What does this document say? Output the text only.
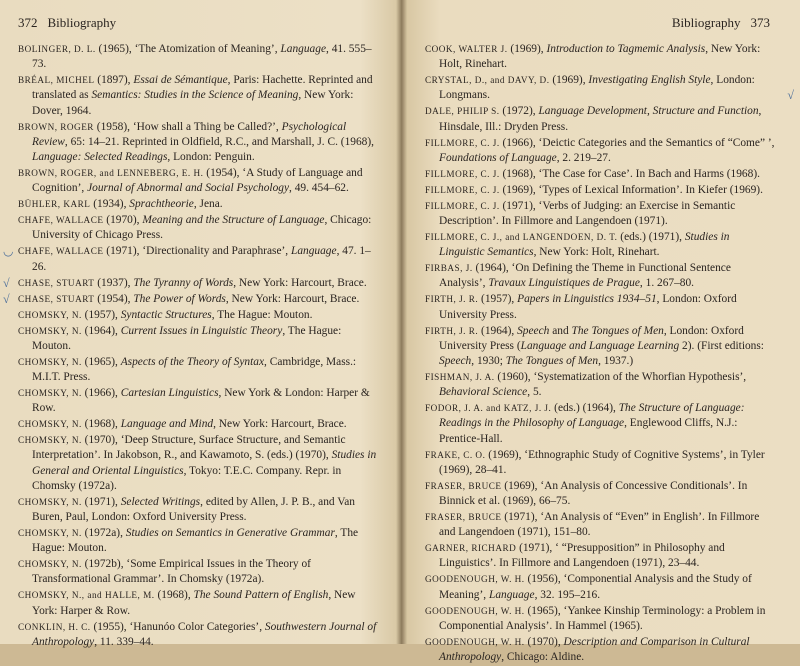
372 Bibliography
BOLINGER, D. L. (1965), ‘The Atomization of Meaning’, Language, 41. 555–73.
BRÉAL, MICHEL (1897), Essai de Sémantique, Paris: Hachette. Reprinted and translated as Semantics: Studies in the Science of Meaning, New York: Dover, 1964.
BROWN, ROGER (1958), ‘How shall a Thing be Called?’, Psychological Review, 65: 14–21. Reprinted in Oldfield, R.C., and Marshall, J. C. (1968), Language: Selected Readings, London: Penguin.
BROWN, ROGER, and LENNEBERG, E. H. (1954), ‘A Study of Language and Cognition’, Journal of Abnormal and Social Psychology, 49. 454–62.
BÜHLER, KARL (1934), Sprachtheorie, Jena.
CHAFE, WALLACE (1970), Meaning and the Structure of Language, Chicago: University of Chicago Press.
◡ CHAFE, WALLACE (1971), ‘Directionality and Paraphrase’, Language, 47. 1–26.
√ CHASE, STUART (1937), The Tyranny of Words, New York: Harcourt, Brace.
√ CHASE, STUART (1954), The Power of Words, New York: Harcourt, Brace.
CHOMSKY, N. (1957), Syntactic Structures, The Hague: Mouton.
CHOMSKY, N. (1964), Current Issues in Linguistic Theory, The Hague: Mouton.
CHOMSKY, N. (1965), Aspects of the Theory of Syntax, Cambridge, Mass.: M.I.T. Press.
CHOMSKY, N. (1966), Cartesian Linguistics, New York & London: Harper & Row.
CHOMSKY, N. (1968), Language and Mind, New York: Harcourt, Brace.
CHOMSKY, N. (1970), ‘Deep Structure, Surface Structure, and Semantic Interpretation’. In Jakobson, R., and Kawamoto, S. (eds.) (1970), Studies in General and Oriental Linguistics, Tokyo: T.E.C. Company. Repr. in Chomsky (1972a).
CHOMSKY, N. (1971), Selected Writings, edited by Allen, J. P. B., and Van Buren, Paul, London: Oxford University Press.
CHOMSKY, N. (1972a), Studies on Semantics in Generative Grammar, The Hague: Mouton.
CHOMSKY, N. (1972b), ‘Some Empirical Issues in the Theory of Transformational Grammar’. In Chomsky (1972a).
CHOMSKY, N., and HALLE, M. (1968), The Sound Pattern of English, New York: Harper & Row.
CONKLIN, H. C. (1955), ‘Hanunóo Color Categories’, Southwestern Journal of Anthropology, 11. 339–44.
Bibliography 373
COOK, WALTER J. (1969), Introduction to Tagmemic Analysis, New York: Holt, Rinehart.
CRYSTAL, D., and DAVY, D. (1969), Investigating English Style, London: Longmans.	√
DALE, PHILIP S. (1972), Language Development, Structure and Function, Hinsdale, Ill.: Dryden Press.
FILLMORE, C. J. (1966), ‘Deictic Categories and the Semantics of “Come” ’, Foundations of Language, 2. 219–27.
FILLMORE, C. J. (1968), ‘The Case for Case’. In Bach and Harms (1968).
FILLMORE, C. J. (1969), ‘Types of Lexical Information’. In Kiefer (1969).
FILLMORE, C. J. (1971), ‘Verbs of Judging: an Exercise in Semantic Description’. In Fillmore and Langendoen (1971).
FILLMORE, C. J., and LANGENDOEN, D. T. (eds.) (1971), Studies in Linguistic Semantics, New York: Holt, Rinehart.
FIRBAS, J. (1964), ‘On Defining the Theme in Functional Sentence Analysis’, Travaux Linguistiques de Prague, 1. 267–80.
FIRTH, J. R. (1957), Papers in Linguistics 1934–51, London: Oxford University Press.
FIRTH, J. R. (1964), Speech and The Tongues of Men, London: Oxford University Press (Language and Language Learning 2). (First editions: Speech, 1930; The Tongues of Men, 1937.)
FISHMAN, J. A. (1960), ‘Systematization of the Whorfian Hypothesis’, Behavioral Science, 5.
FODOR, J. A. and KATZ, J. J. (eds.) (1964), The Structure of Language: Readings in the Philosophy of Language, Englewood Cliffs, N.J.: Prentice-Hall.
FRAKE, C. O. (1969), ‘Ethnographic Study of Cognitive Systems’, in Tyler (1969), 28–41.
FRASER, BRUCE (1969), ‘An Analysis of Concessive Conditionals’. In Binnick et al. (1969), 66–75.
FRASER, BRUCE (1971), ‘An Analysis of “Even” in English’. In Fillmore and Langendoen (1971), 151–80.
GARNER, RICHARD (1971), ‘ “Presupposition” in Philosophy and Linguistics’. In Fillmore and Langendoen (1971), 23–44.
GOODENOUGH, W. H. (1956), ‘Componential Analysis and the Study of Meaning’, Language, 32. 195–216.
GOODENOUGH, W. H. (1965), ‘Yankee Kinship Terminology: a Problem in Componential Analysis’. In Hammel (1965).
GOODENOUGH, W. H. (1970), Description and Comparison in Cultural Anthropology, Chicago: Aldine.
